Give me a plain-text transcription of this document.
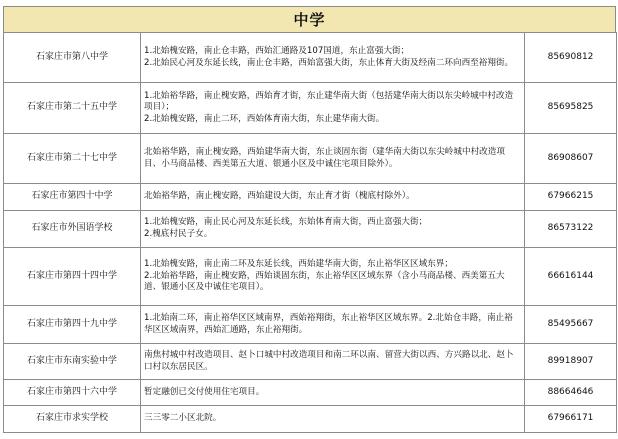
中学
石家庄市第八中学	1.北始槐安路，南止仓丰路，西始汇通路及107国道，东止富强大街；
2.北始民心河及东延长线，南止仓丰路，西始富强大街，东止体育大街及经南二环向西至裕翔街。	85690812
石家庄市第二十五中学	1.北始裕华路，南止槐安路，西始育才街，东止建华南大街（包括建华南大街以东尖岭城中村改造项目）；
2.北始槐安路，南止二环，西始体育南大街，东止建华南大街。	85695825
石家庄市第二十七中学	北始裕华路，南止槐安路，西始建华南大街，东止谈固东街（建华南大街以东尖岭城中村改造项目、小马商品楼、西美第五大道、银通小区及中诚住宅项目除外）。	86908607
石家庄市第四十中学	北始裕华路，南止槐安路，西始建设大街，东止育才街（槐底村除外）。	67966215
石家庄市外国语学校	1.北始槐安路，南止民心河及东延长线，东始体育南大街，西止富强大街；
2.槐底村民子女。	86573122
石家庄市第四十四中学	1.北始槐安路，南止南二环及东延长线，西始建华南大街，东止裕华区区域东界；
2.北始裕华路，南止槐安路，西始谈固东街，东止裕华区区域东界（含小马商品楼、西美第五大道、银通小区及中诚住宅项目）。	66616144
石家庄市第四十九中学	1.北始南二环，南止裕华区区域南界，西始裕翔街，东止裕华区区域东界。2.北始仓丰路，南止裕华区区域南界，西始汇通路，东止裕翔街。	85495667
石家庄市东南实验中学	南焦村城中村改造项目、赵卜口城中村改造项目和南二环以南、留营大街以西、方兴路以北、赵卜口村以东居民区。	89918907
石家庄市第四十六中学	暂定融创已交付使用住宅项目。	88664646
石家庄市求实学校	三三零二小区北院。	67966171
